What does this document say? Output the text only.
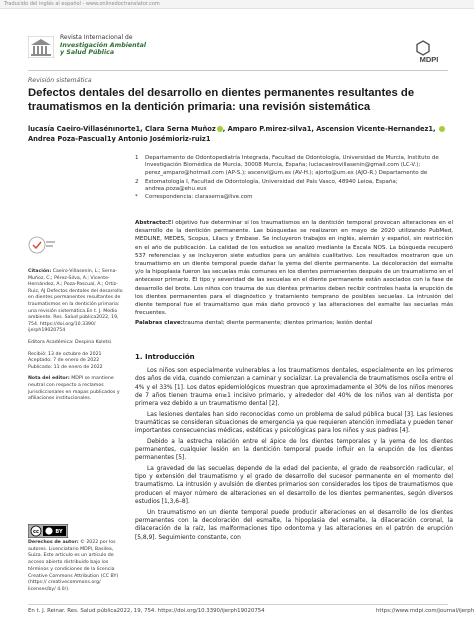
Traducido del inglés al español - www.onlinedoctranslator.com
Revista Internacional de
Investigación Ambiental
y Salud Pública
MDPI
Revisión sistemática
Defectos dentales del desarrollo en dientes permanentes resultantes de traumatismos en la dentición primaria: una revisión sistemática
lucasía Caeiro-Villasénınorte1, Clara Serna Muñoz , Amparo P.mirez-silva1, Ascension Vicente-Hernandez1,
Andrea Poza-Pascual1y Antonio Josémioriz-ruiz1
1 Departamento de Odontopediatría Integrada, Facultad de Odontología, Universidad de Murcia, Instituto de Investigación Biomédica de Murcia, 30008 Murcia, España; luciacaeirovillasenin@gmail.com (LC-V.);
perez_amparo@hotmail.com (AP-S.); ascenvi@um.es (AV-H.); ajorto@um.es (AJO-R.) Departamento de
2 Estomatología I, Facultad de Odontología, Universidad del País Vasco, 48940 Leioa, España; andrea.poza@ehu.eus
* Correspondencia: claraserna@live.com
Abstracto:El objetivo fue determinar si los traumatismos en la dentición temporal provocan alteraciones en el desarrollo de la dentición permanente. Las búsquedas se realizaron en mayo de 2020 utilizando PubMed, MEDLINE, MEDES, Scopus, Lilacs y Embase. Se incluyeron trabajos en inglés, alemán y español, sin restricción en el año de publicación. La calidad de los estudios se analizó mediante la Escala NOS. La búsqueda recuperó 537 referencias y se incluyeron siete estudios para un análisis cualitativo. Los resultados mostraron que un traumatismo en un diente temporal puede dañar la yema del diente permanente. La decoloración del esmalte y/o la hipoplasia fueron las secuelas más comunes en los dientes permanentes después de un traumatismo en el antecesor primario. El tipo y severidad de las secuelas en el diente permanente están asociados con la fase de desarrollo del brote. Los niños con trauma de sus dientes primarios deben recibir controles hasta la erupción de los dientes permanentes para el diagnóstico y tratamiento temprano de posibles secuelas. La intrusión del diente temporal fue el traumatismo que más daño provocó y las alteraciones del esmalte las secuelas más frecuentes.
Palabras clave:trauma dental; diente permanente; dientes primarios; lesión dental
Citación: Caeiro-Villasenín, L.; Serna-Muñoz, C.; Pérez-Silva, A.; Vicente-Hernández, A.; Poza-Pascual, A.; Ortiz-Ruiz, AJ Defectos dentales del desarrollo en dientes permanentes resultantes de traumatismos en la dentición primaria: una revisión sistemática.En t. J. Medio ambiente. Res. Salud pública2022, 19, 754. https://doi.org/10.3390/ ijerph19020754
Editora Académica: Despina Koletsi
Recibió: 13 de octubre de 2021
Aceptado: 7 de enero de 2022
Publicado: 11 de enero de 2022
Nota del editor: MDPI se mantiene neutral con respecto a reclamos jurisdiccionales en mapas publicados y afiliaciones institucionales.
cc	BY
Derechos de autor: © 2022 por los autores. Licenciatario MDPI, Basilea, Suiza. Este artículo es un artículo de acceso abierto distribuido bajo los términos y condiciones de la licencia Creative Commons Attribution (CC BY) (https:// creativecommons.org/ licenses/by/ 4.0/).
1. Introducción

Los niños son especialmente vulnerables a los traumatismos dentales, especialmente en los primeros dos años de vida, cuando comienzan a caminar y socializar. La prevalencia de traumatismos oscila entre el 4% y el 33% [1]. Los datos epidemiológicos muestran que aproximadamente el 30% de los niños menores de 7 años tienen trauma en≥1 incisivo primario, y alrededor del 40% de los niños van al dentista por primera vez debido a un traumatismo dental [2].

Las lesiones dentales han sido reconocidas como un problema de salud pública bucal [3]. Las lesiones traumáticas se consideran situaciones de emergencia ya que requieren atención inmediata y pueden tener importantes consecuencias médicas, estéticas y psicológicas para los niños y sus padres [4].

Debido a la estrecha relación entre el ápice de los dientes temporales y la yema de los dientes permanentes, cualquier lesión en la dentición temporal puede influir en la erupción de los dientes permanentes [5].

La gravedad de las secuelas depende de la edad del paciente, el grado de reabsorción radicular, el tipo y extensión del traumatismo y el grado de desarrollo del sucesor permanente en el momento del traumatismo. La intrusión y avulsión de dientes primarios son considerados los tipos de traumatismos que producen el mayor número de alteraciones en el desarrollo de los dientes permanentes, según diversos estudios [1,3,6–8].

Un traumatismo en un diente temporal puede producir alteraciones en el desarrollo de los dientes permanentes con la decoloración del esmalte, la hipoplasia del esmalte, la dilaceración coronal, la dilaceración de la raíz, las malformaciones tipo odontoma y las alteraciones en el patrón de erupción [5,8,9]. Seguimiento constante, con

En t. J. Reinar. Res. Salud pública2022, 19, 754. https://doi.org/10.3390/ijerph19020754	https://www.mdpi.com/journal/ijerph
